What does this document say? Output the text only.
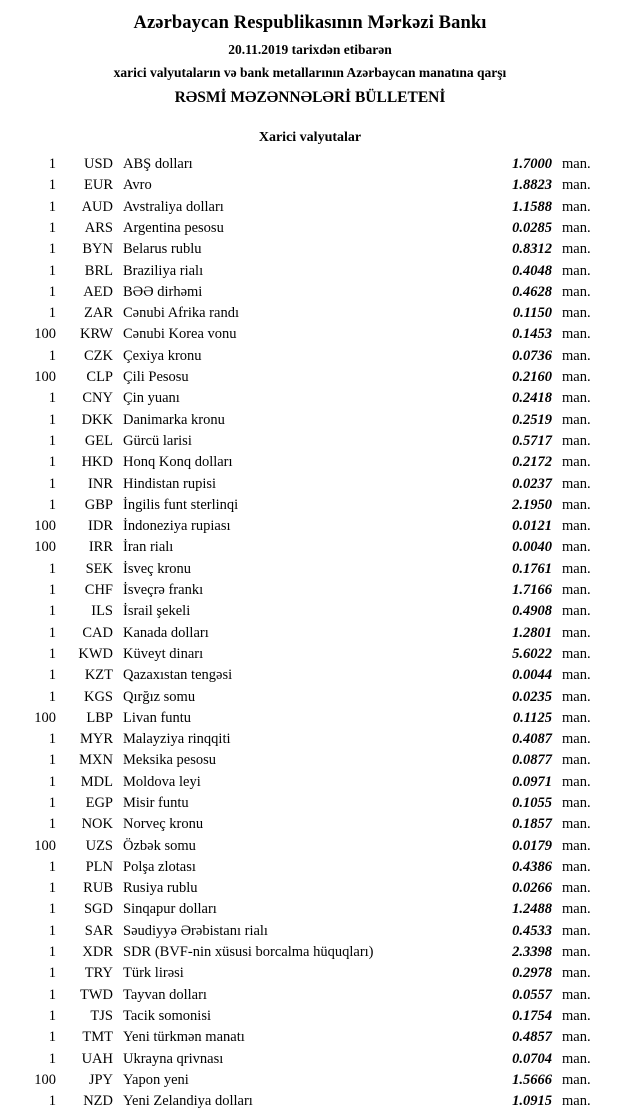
Azərbaycan Respublikasının Mərkəzi Bankı
20.11.2019 tarixdən etibarən
xarici valyutaların və bank metallarının Azərbaycan manatına qarşı
RƏSMİ MƏZƏNNƏLƏRİ BÜLLETENİ
Xarici valyutalar
1	USD	ABŞ dolları	1.7000	man.
1	EUR	Avro	1.8823	man.
1	AUD	Avstraliya dolları	1.1588	man.
1	ARS	Argentina pesosu	0.0285	man.
1	BYN	Belarus rublu	0.8312	man.
1	BRL	Braziliya rialı	0.4048	man.
1	AED	BƏƏ dirhəmi	0.4628	man.
1	ZAR	Cənubi Afrika randı	0.1150	man.
100	KRW	Cənubi Korea vonu	0.1453	man.
1	CZK	Çexiya kronu	0.0736	man.
100	CLP	Çili Pesosu	0.2160	man.
1	CNY	Çin yuanı	0.2418	man.
1	DKK	Danimarka kronu	0.2519	man.
1	GEL	Gürcü larisi	0.5717	man.
1	HKD	Honq Konq dolları	0.2172	man.
1	INR	Hindistan rupisi	0.0237	man.
1	GBP	İngilis funt sterlinqi	2.1950	man.
100	IDR	İndoneziya rupiası	0.0121	man.
100	IRR	İran rialı	0.0040	man.
1	SEK	İsveç kronu	0.1761	man.
1	CHF	İsveçrə frankı	1.7166	man.
1	ILS	İsrail şekeli	0.4908	man.
1	CAD	Kanada dolları	1.2801	man.
1	KWD	Küveyt dinarı	5.6022	man.
1	KZT	Qazaxıstan tengəsi	0.0044	man.
1	KGS	Qırğız somu	0.0235	man.
100	LBP	Livan funtu	0.1125	man.
1	MYR	Malayziya rinqqiti	0.4087	man.
1	MXN	Meksika pesosu	0.0877	man.
1	MDL	Moldova leyi	0.0971	man.
1	EGP	Misir funtu	0.1055	man.
1	NOK	Norveç kronu	0.1857	man.
100	UZS	Özbək somu	0.0179	man.
1	PLN	Polşa zlotası	0.4386	man.
1	RUB	Rusiya rublu	0.0266	man.
1	SGD	Sinqapur dolları	1.2488	man.
1	SAR	Səudiyyə Ərəbistanı rialı	0.4533	man.
1	XDR	SDR (BVF-nin xüsusi borcalma hüquqları)	2.3398	man.
1	TRY	Türk lirəsi	0.2978	man.
1	TWD	Tayvan dolları	0.0557	man.
1	TJS	Tacik somonisi	0.1754	man.
1	TMT	Yeni türkmən manatı	0.4857	man.
1	UAH	Ukrayna qrivnası	0.0704	man.
100	JPY	Yapon yeni	1.5666	man.
1	NZD	Yeni Zelandiya dolları	1.0915	man.
